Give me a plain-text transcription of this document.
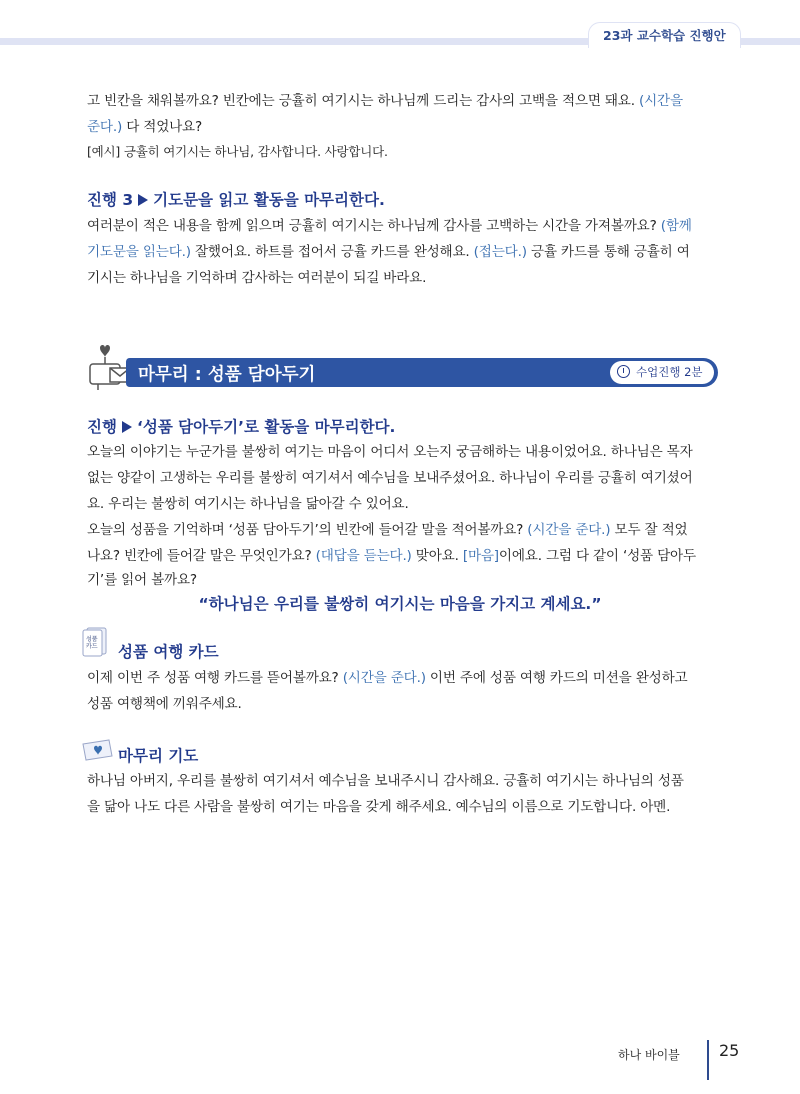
23과 교수학습 진행안

고 빈칸을 채워볼까요? 빈칸에는 긍휼히 여기시는 하나님께 드리는 감사의 고백을 적으면 돼요. (시간을

준다.) 다 적었나요?

[예시] 긍휼히 여기시는 하나님, 감사합니다. 사랑합니다.

진행 3 기도문을 읽고 활동을 마무리한다.

여러분이 적은 내용을 함께 읽으며 긍휼히 여기시는 하나님께 감사를 고백하는 시간을 가져볼까요? (함께

기도문을 읽는다.) 잘했어요. 하트를 접어서 긍휼 카드를 완성해요. (접는다.) 긍휼 카드를 통해 긍휼히 여

기시는 하나님을 기억하며 감사하는 여러분이 되길 바라요.

마무리 : 성품 담아두기	수업진행 2분

진행 ‘성품 담아두기’로 활동을 마무리한다.

오늘의 이야기는 누군가를 불쌍히 여기는 마음이 어디서 오는지 궁금해하는 내용이었어요. 하나님은 목자

없는 양같이 고생하는 우리를 불쌍히 여기셔서 예수님을 보내주셨어요. 하나님이 우리를 긍휼히 여기셨어

요. 우리는 불쌍히 여기시는 하나님을 닮아갈 수 있어요.

오늘의 성품을 기억하며 ‘성품 담아두기’의 빈칸에 들어갈 말을 적어볼까요? (시간을 준다.) 모두 잘 적었

나요? 빈칸에 들어갈 말은 무엇인가요? (대답을 듣는다.) 맞아요. [마음]이에요. 그럼 다 같이 ‘성품 담아두

기’를 읽어 볼까요?

“하나님은 우리를 불쌍히 여기시는 마음을 가지고 계세요.”

성품 카드 성품 여행 카드

이제 이번 주 성품 여행 카드를 뜯어볼까요? (시간을 준다.) 이번 주에 성품 여행 카드의 미션을 완성하고

성품 여행책에 끼워주세요.

마무리 기도

하나님 아버지, 우리를 불쌍히 여기셔서 예수님을 보내주시니 감사해요. 긍휼히 여기시는 하나님의 성품

을 닮아 나도 다른 사람을 불쌍히 여기는 마음을 갖게 해주세요. 예수님의 이름으로 기도합니다. 아멘.

하나 바이블 25
